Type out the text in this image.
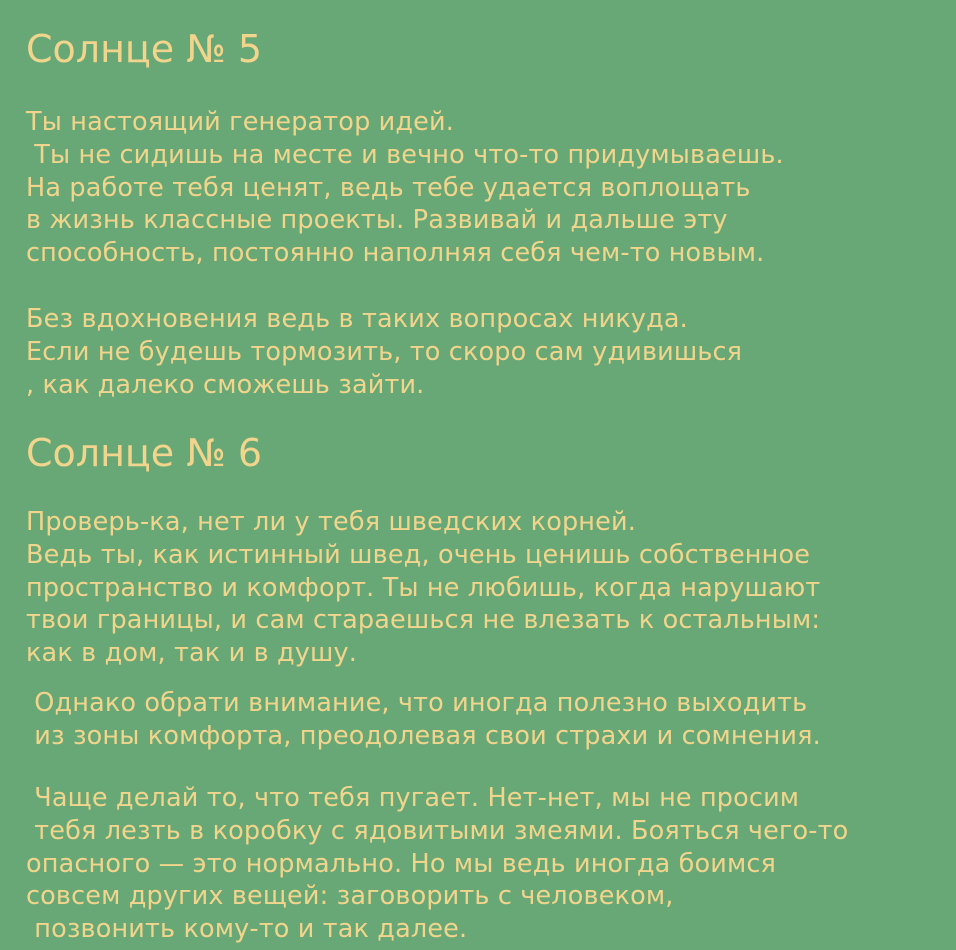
Солнце № 5
Ты настоящий генератор идей.
Ты не сидишь на месте и вечно что-то придумываешь.
На работе тебя ценят, ведь тебе удается воплощать
в жизнь классные проекты. Развивай и дальше эту
способность, постоянно наполняя себя чем-то новым.
Без вдохновения ведь в таких вопросах никуда.
Если не будешь тормозить, то скоро сам удивишься
, как далеко сможешь зайти.
Солнце № 6
Проверь-ка, нет ли у тебя шведских корней.
Ведь ты, как истинный швед, очень ценишь собственное
пространство и комфорт. Ты не любишь, когда нарушают
твои границы, и сам стараешься не влезать к остальным:
как в дом, так и в душу.
Однако обрати внимание, что иногда полезно выходить
из зоны комфорта, преодолевая свои страхи и сомнения.
Чаще делай то, что тебя пугает. Нет-нет, мы не просим
тебя лезть в коробку с ядовитыми змеями. Бояться чего-то
опасного — это нормально. Но мы ведь иногда боимся
совсем других вещей: заговорить с человеком,
позвонить кому-то и так далее.
